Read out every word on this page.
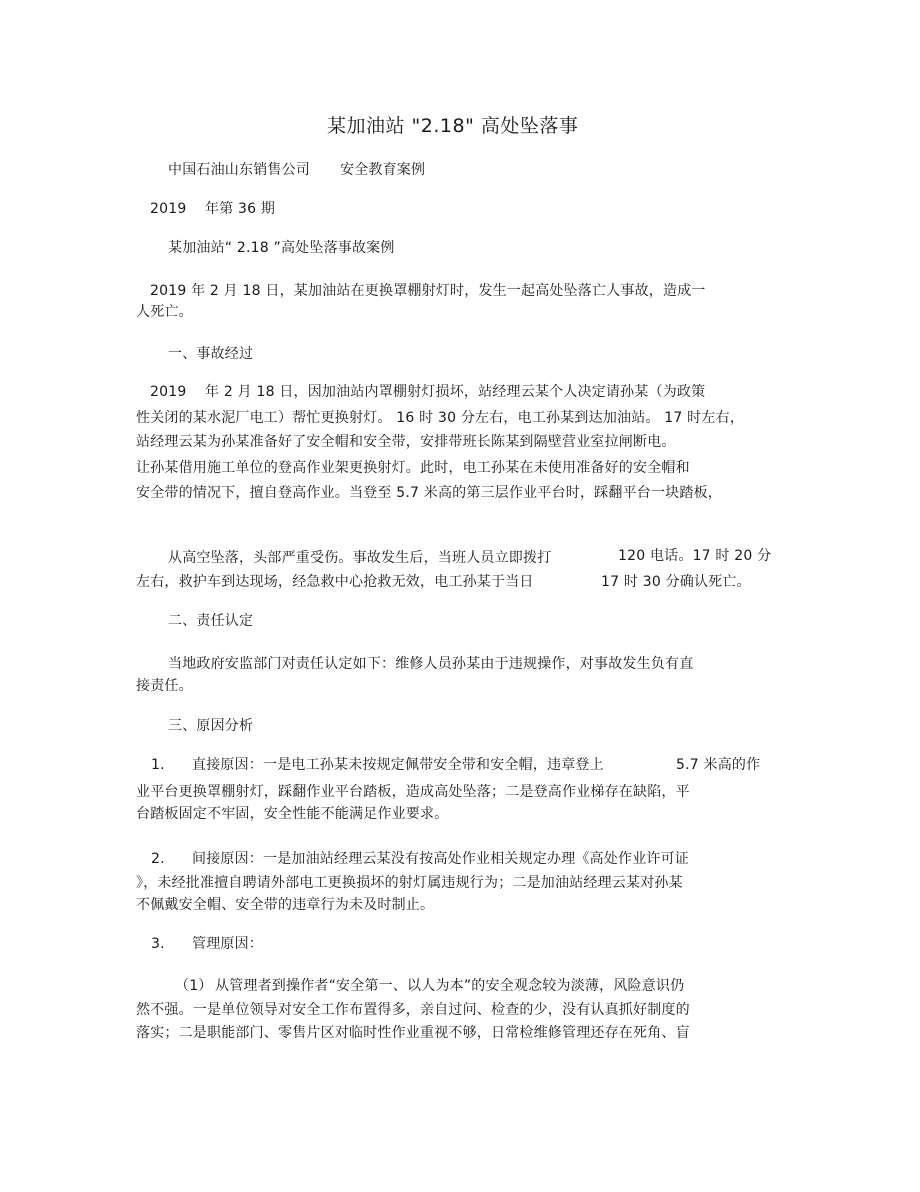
某加油站 "2.18" 高处坠落事
中国石油山东销售公司 安全教育案例
2019 年第 36 期
某加油站“ 2.18 ”高处坠落事故案例
2019 年 2 月 18 日，某加油站在更换罩棚射灯时，发生一起高处坠落亡人事故，造成一
人死亡。
一、事故经过
2019 年 2 月 18 日，因加油站内罩棚射灯损坏，站经理云某个人决定请孙某（为政策
性关闭的某水泥厂电工）帮忙更换射灯。 16 时 30 分左右，电工孙某到达加油站。 17 时左右，
站经理云某为孙某准备好了安全帽和安全带，安排带班长陈某到隔壁营业室拉闸断电。
让孙某借用施工单位的登高作业架更换射灯。此时，电工孙某在未使用准备好的安全帽和
安全带的情况下，擅自登高作业。当登至 5.7 米高的第三层作业平台时，踩翻平台一块踏板，
从高空坠落，头部严重受伤。事故发生后，当班人员立即拨打	120 电话。17 时 20 分
左右，救护车到达现场，经急救中心抢救无效，电工孙某于当日	17 时 30 分确认死亡。
二、责任认定
当地政府安监部门对责任认定如下：维修人员孙某由于违规操作，对事故发生负有直
接责任。
三、原因分析
1. 直接原因：一是电工孙某未按规定佩带安全带和安全帽，违章登上	5.7 米高的作
业平台更换罩棚射灯，踩翻作业平台踏板，造成高处坠落；二是登高作业梯存在缺陷，平
台踏板固定不牢固，安全性能不能满足作业要求。
2. 间接原因：一是加油站经理云某没有按高处作业相关规定办理《高处作业许可证
》，未经批准擅自聘请外部电工更换损坏的射灯属违规行为；二是加油站经理云某对孙某
不佩戴安全帽、安全带的违章行为未及时制止。
3. 管理原因：
（1） 从管理者到操作者“安全第一、以人为本”的安全观念较为淡薄，风险意识仍
然不强。一是单位领导对安全工作布置得多，亲自过问、检查的少，没有认真抓好制度的
落实；二是职能部门、零售片区对临时性作业重视不够，日常检维修管理还存在死角、盲
